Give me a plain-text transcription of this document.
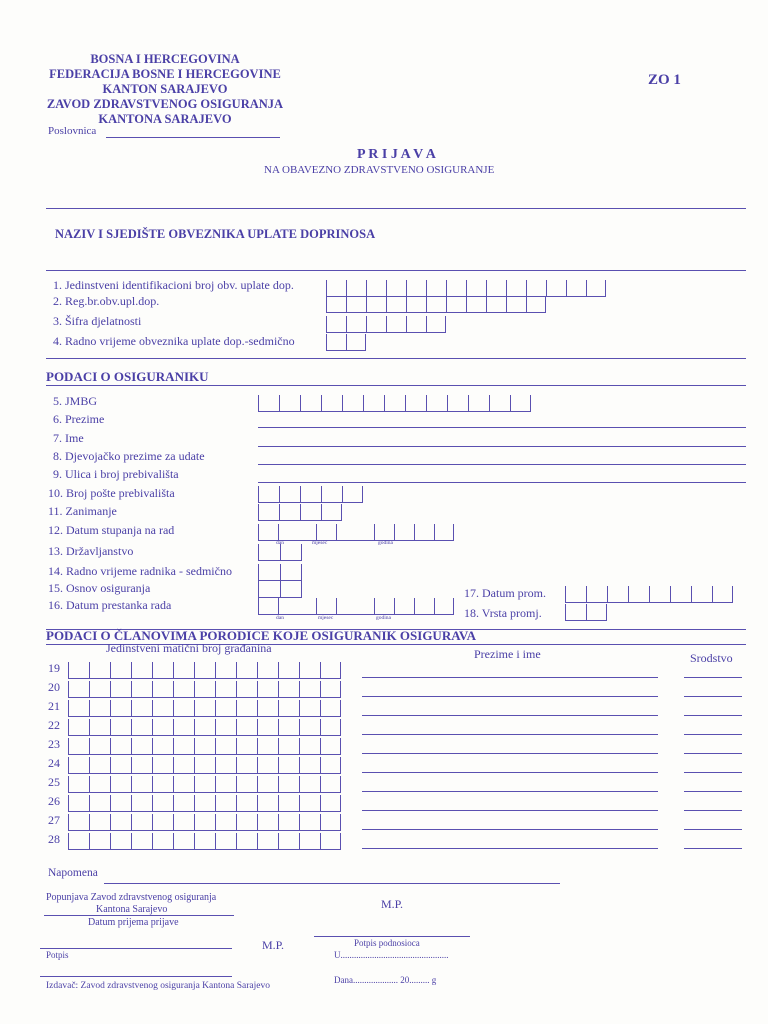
BOSNA I HERCEGOVINA
FEDERACIJA BOSNE I HERCEGOVINE
KANTON SARAJEVO
ZAVOD ZDRAVSTVENOG OSIGURANJA
KANTONA SARAJEVO
ZO 1
Poslovnica
P R I J A V A
NA OBAVEZNO ZDRAVSTVENO OSIGURANJE
NAZIV I SJEDIŠTE OBVEZNIKA UPLATE DOPRINOSA
1. Jedinstveni identifikacioni broj obv. uplate dop.
2. Reg.br.obv.upl.dop.
3. Šifra djelatnosti
4. Radno vrijeme obveznika uplate dop.-sedmično
PODACI O OSIGURANIKU
5. JMBG
6. Prezime
7. Ime
8. Djevojačko prezime za udate
9. Ulica i broj prebivališta
10. Broj pošte prebivališta
11. Zanimanje
12. Datum stupanja na rad
dan	mjesec	godina
13. Državljanstvo
14. Radno vrijeme radnika - sedmično
15. Osnov osiguranja
16. Datum prestanka rada
dan	mjesec	godina
17. Datum prom.
18. Vrsta promj.
PODACI O ČLANOVIMA PORODICE KOJE OSIGURANIK OSIGURAVA
Jedinstveni matični broj građanina	Prezime i ime	Srodstvo
19
20
21
22
23
24
25
26
27
28
Napomena
Popunjava Zavod zdravstvenog osiguranja
Kantona Sarajevo
Datum prijema prijave
M.P.
Potpis
M.P.	Potpis podnosioca
U................................................
Izdavač: Zavod zdravstvenog osiguranja Kantona Sarajevo
Dana.................... 20......... g
